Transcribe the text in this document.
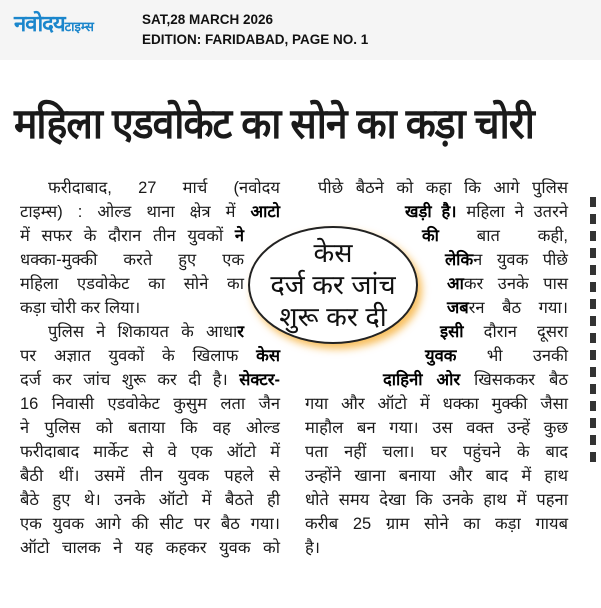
नवोदयटाइम्स	SAT,28 MARCH 2026
EDITION: FARIDABAD, PAGE NO. 1
महिला एडवोकेट का सोने का कड़ा चोरी
फरीदाबाद, 27 मार्च (नवोदय
टाइम्स) : ओल्ड थाना क्षेत्र में आटो
में सफर के दौरान तीन युवकों ने
धक्का-मुक्की करते हुए एक
महिला एडवोकेट का सोने का
कड़ा चोरी कर लिया।
पुलिस ने शिकायत के आधार
पर अज्ञात युवकों के खिलाफ केस
दर्ज कर जांच शुरू कर दी है। सेक्टर-
16 निवासी एडवोकेट कुसुम लता जैन
ने पुलिस को बताया कि वह ओल्ड
फरीदाबाद मार्केट से वे एक ऑटो में
बैठी थीं। उसमें तीन युवक पहले से
बैठे हुए थे। उनके ऑटो में बैठते ही
एक युवक आगे की सीट पर बैठ गया।
ऑटो चालक ने यह कहकर युवक को
पीछे बैठने को कहा कि आगे पुलिस
खड़ी है। महिला ने उतरने
की बात कही,
लेकिन युवक पीछे
आकर उनके पास
जबरन बैठ गया।
इसी दौरान दूसरा
युवक भी उनकी
दाहिनी ओर खिसककर बैठ
गया और ऑटो में धक्का मुक्की जैसा
माहौल बन गया। उस वक्त उन्हें कुछ
पता नहीं चला। घर पहुंचने के बाद
उन्होंने खाना बनाया और बाद में हाथ
धोते समय देखा कि उनके हाथ में पहना
करीब 25 ग्राम सोने का कड़ा गायब
है।
केस
दर्ज कर जांच
शुरू कर दी
